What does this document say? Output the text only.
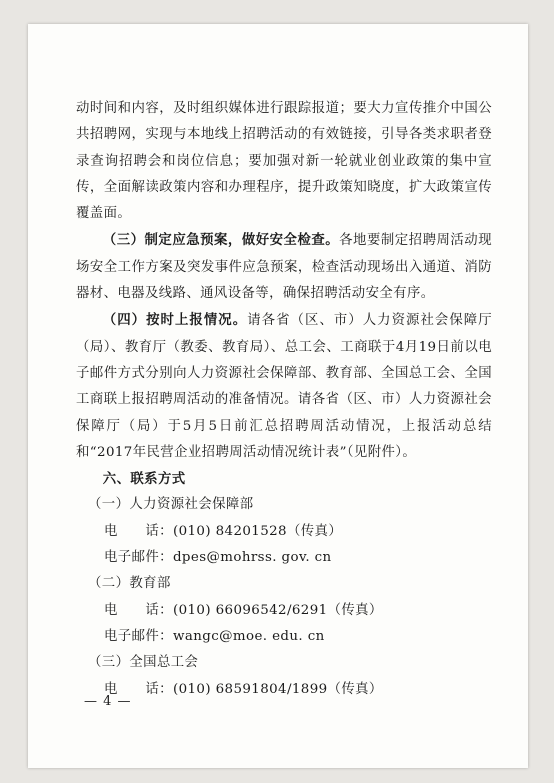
动时间和内容，及时组织媒体进行跟踪报道；要大力宣传推介中国公共招聘网，实现与本地线上招聘活动的有效链接，引导各类求职者登录查询招聘会和岗位信息；要加强对新一轮就业创业政策的集中宣传，全面解读政策内容和办理程序，提升政策知晓度，扩大政策宣传覆盖面。

（三）制定应急预案，做好安全检查。各地要制定招聘周活动现场安全工作方案及突发事件应急预案，检查活动现场出入通道、消防器材、电器及线路、通风设备等，确保招聘活动安全有序。

（四）按时上报情况。请各省（区、市）人力资源社会保障厅（局）、教育厅（教委、教育局）、总工会、工商联于4月19日前以电子邮件方式分别向人力资源社会保障部、教育部、全国总工会、全国工商联上报招聘周活动的准备情况。请各省（区、市）人力资源社会保障厅（局）于5月5日前汇总招聘周活动情况，上报活动总结和“2017年民营企业招聘周活动情况统计表”（见附件）。

六、联系方式

（一）人力资源社会保障部

电　　话：(010) 84201528（传真）

电子邮件：dpes@mohrss. gov. cn

（二）教育部

电　　话：(010) 66096542/6291（传真）

电子邮件：wangc@moe. edu. cn

（三）全国总工会

电　　话：(010) 68591804/1899（传真）

— 4 —
